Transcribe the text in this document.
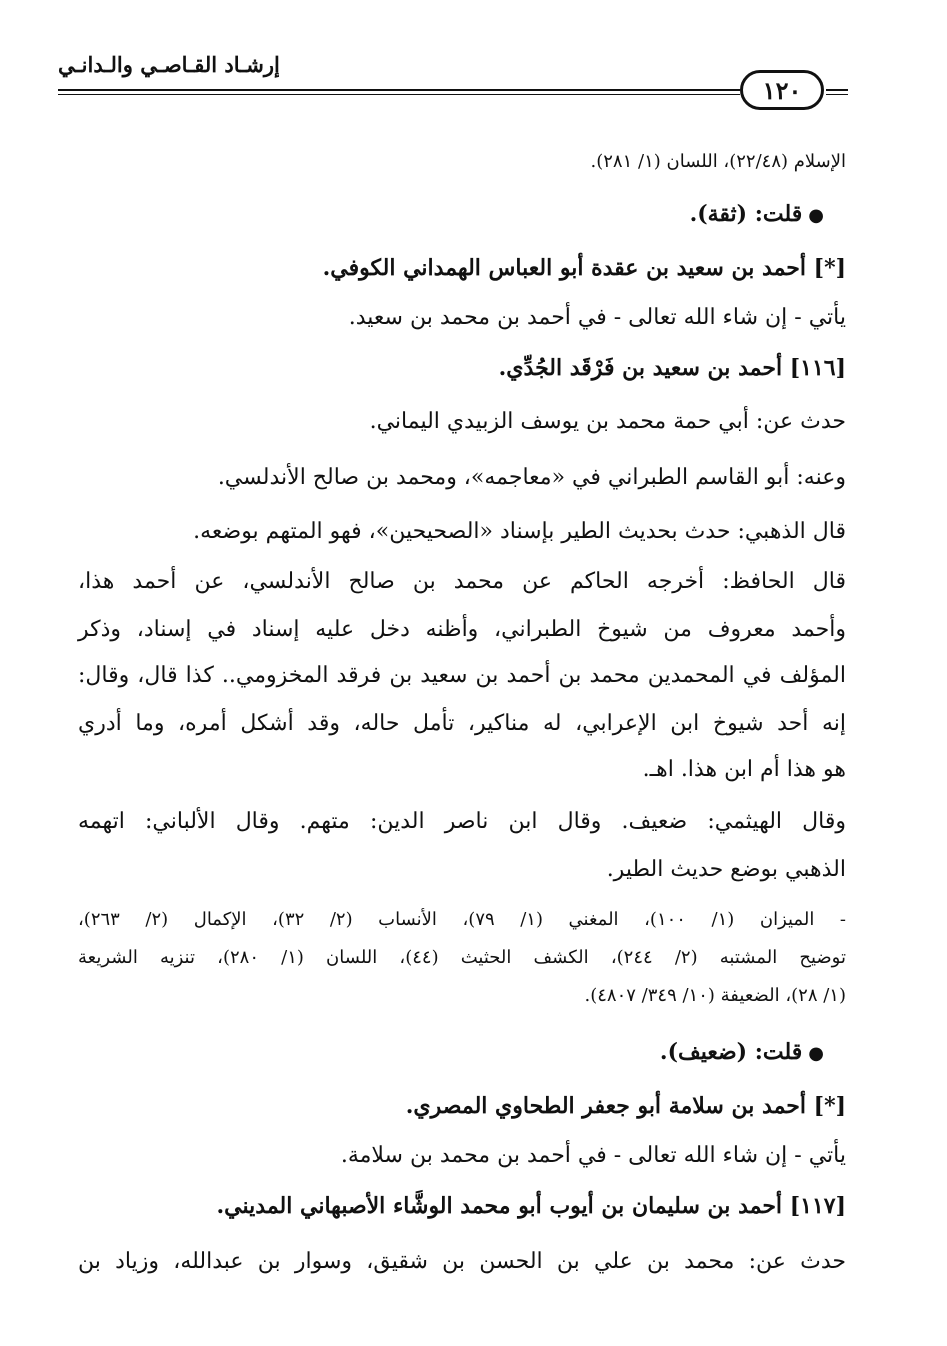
إرشـاد القـاصـي والـدانـي
١٢٠
الإسلام (٢٢/٤٨)، اللسان (١/ ٢٨١).
●قلت: (ثقة).
[*] أحمد بن سعيد بن عقدة أبو العباس الهمداني الكوفي.
يأتي - إن شاء الله تعالى - في أحمد بن محمد بن سعيد.
[١١٦] أحمد بن سعيد بن فَرْقَد الجُدِّي.
حدث عن: أبي حمة محمد بن يوسف الزبيدي اليماني.
وعنه: أبو القاسم الطبراني في «معاجمه»، ومحمد بن صالح الأندلسي.
قال الذهبي: حدث بحديث الطير بإسناد «الصحيحين»، فهو المتهم بوضعه.
قال الحافظ: أخرجه الحاكم عن محمد بن صالح الأندلسي، عن أحمد هذا،
وأحمد معروف من شيوخ الطبراني، وأظنه دخل عليه إسناد في إسناد، وذكر
المؤلف في المحمدين محمد بن أحمد بن سعيد بن فرقد المخزومي.. كذا قال، وقال:
إنه أحد شيوخ ابن الإعرابي، له مناكير، تأمل حاله، وقد أشكل أمره، وما أدري
هو هذا أم ابن هذا. اهـ.
وقال الهيثمي: ضعيف. وقال ابن ناصر الدين: متهم. وقال الألباني: اتهمه
الذهبي بوضع حديث الطير.
- الميزان (١/ ١٠٠)، المغني (١/ ٧٩)، الأنساب (٢/ ٣٢)، الإكمال (٢/ ٢٦٣)،
توضيح المشتبه (٢/ ٢٤٤)، الكشف الحثيث (٤٤)، اللسان (١/ ٢٨٠)، تنزيه الشريعة
(١/ ٢٨)، الضعيفة (١٠/ ٣٤٩/ ٤٨٠٧).
●قلت: (ضعيف).
[*] أحمد بن سلامة أبو جعفر الطحاوي المصري.
يأتي - إن شاء الله تعالى - في أحمد بن محمد بن سلامة.
[١١٧] أحمد بن سليمان بن أيوب أبو محمد الوشَّاء الأصبهاني المديني.
حدث عن: محمد بن علي بن الحسن بن شقيق، وسوار بن عبدالله، وزياد بن
